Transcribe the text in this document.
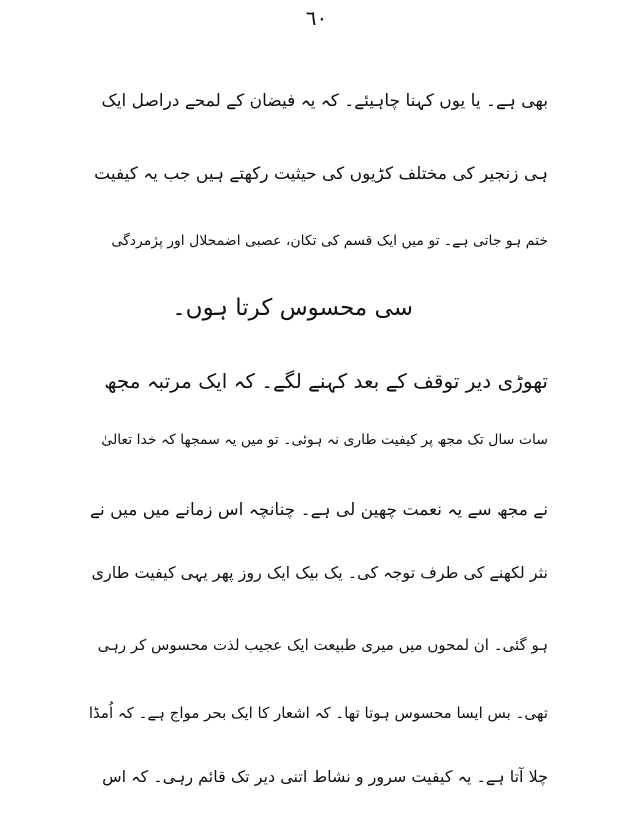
٦٠
بھی ہے۔ یا یوں کہنا چاہیئے۔ کہ یہ فیضان کے لمحے دراصل ایک
ہی زنجیر کی مختلف کڑیوں کی حیثیت رکھتے ہیں جب یہ کیفیت
ختم ہو جاتی ہے۔ تو میں ایک قسم کی تکان، عصبی اضمحلال اور پژمردگی
سی محسوس کرتا ہوں۔
تھوڑی دیر توقف کے بعد کہنے لگے۔ کہ ایک مرتبہ مجھ
سات سال تک مجھ پر کیفیت طاری نہ ہوئی۔ تو میں یہ سمجھا کہ خدا تعالیٰ
نے مجھ سے یہ نعمت چھین لی ہے۔ چنانچہ اس زمانے میں میں نے
نثر لکھنے کی طرف توجہ کی۔ یک بیک ایک روز پھر یہی کیفیت طاری
ہو گئی۔ ان لمحوں میں میری طبیعت ایک عجیب لذت محسوس کر رہی
تھی۔ بس ایسا محسوس ہوتا تھا۔ کہ اشعار کا ایک بحر مواج ہے۔ کہ اُمڈا
چلا آتا ہے۔ یہ کیفیت سرور و نشاط اتنی دیر تک قائم رہی۔ کہ اس
